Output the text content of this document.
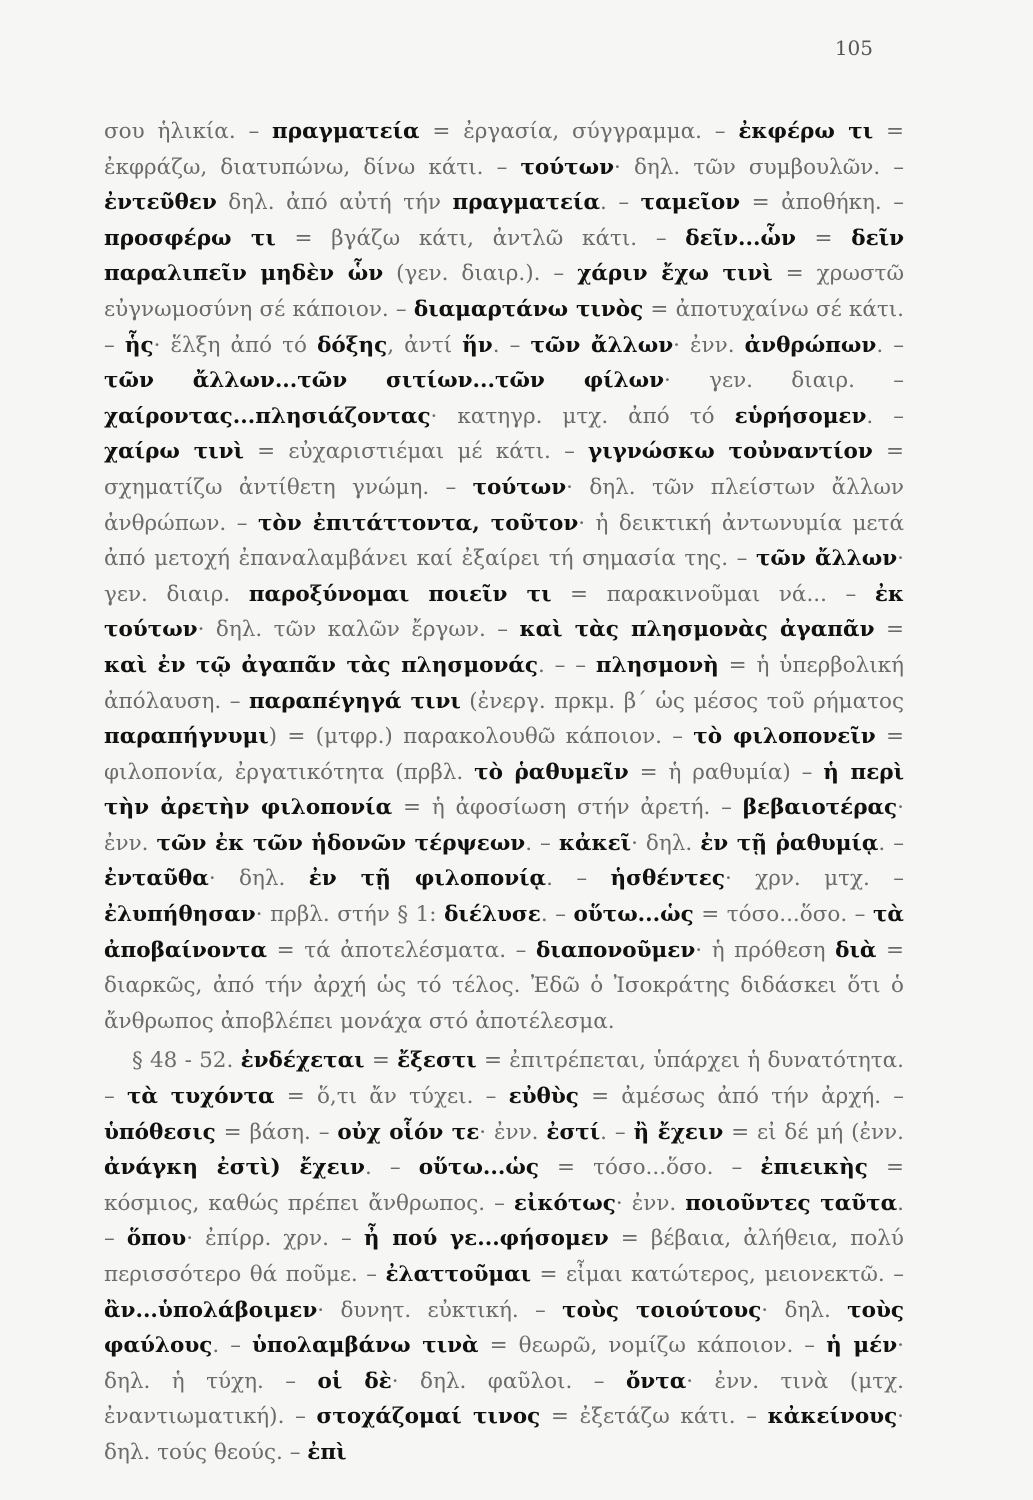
105

σου ἡλικία. – πραγματεία = ἐργασία, σύγγραμμα. – ἐκφέρω τι = ἐκφράζω, διατυπώνω, δίνω κάτι. – τούτων· δηλ. τῶν συμβουλῶν. – ἐντεῦθεν δηλ. ἀπό αὐτή τήν πραγματεία. – ταμεῖον = ἀποθήκη. – προσφέρω τι = βγάζω κάτι, ἀντλῶ κάτι. – δεῖν...ὧν = δεῖν παραλιπεῖν μηδὲν ὧν (γεν. διαιρ.). – χάριν ἔχω τινὶ = χρωστῶ εὐγνωμοσύνη σέ κάποιον. – διαμαρτάνω τινὸς = ἀποτυχαίνω σέ κάτι. – ἧς· ἕλξη ἀπό τό δόξης, ἀντί ἥν. – τῶν ἄλλων· ἐνν. ἀνθρώπων. – τῶν ἄλλων...τῶν σιτίων...τῶν φίλων· γεν. διαιρ. – χαίροντας...πλησιάζοντας· κατηγρ. μτχ. ἀπό τό εὑρήσομεν. – χαίρω τινὶ = εὐχαριστιέμαι μέ κάτι. – γιγνώσκω τοὐναντίον = σχηματίζω ἀντίθετη γνώμη. – τούτων· δηλ. τῶν πλείστων ἄλλων ἀνθρώπων. – τὸν ἐπιτάττοντα, τοῦτον· ἡ δεικτική ἀντωνυμία μετά ἀπό μετοχή ἐπαναλαμβάνει καί ἐξαίρει τή σημασία της. – τῶν ἄλλων· γεν. διαιρ. παροξύνομαι ποιεῖν τι = παρακινοῦμαι νά... – ἐκ τούτων· δηλ. τῶν καλῶν ἔργων. – καὶ τὰς πλησμονὰς ἀγαπᾶν = καὶ ἐν τῷ ἀγαπᾶν τὰς πλησμονάς. – – πλησμονὴ = ἡ ὑπερβολική ἀπόλαυση. – παραπέγηγά τινι (ἐνεργ. πρκμ. β΄ ὡς μέσος τοῦ ρήματος παραπήγνυμι) = (μτφρ.) παρακολουθῶ κάποιον. – τὸ φιλοπονεῖν = φιλοπονία, ἐργατικότητα (πρβλ. τὸ ῥαθυμεῖν = ἡ ραθυμία) – ἡ περὶ τὴν ἀρετὴν φιλοπονία = ἡ ἀφοσίωση στήν ἀρετή. – βεβαιοτέρας· ἐνν. τῶν ἐκ τῶν ἡδονῶν τέρψεων. – κἀκεῖ· δηλ. ἐν τῇ ῥαθυμίᾳ. – ἐνταῦθα· δηλ. ἐν τῇ φιλοπονίᾳ. – ἡσθέντες· χρν. μτχ. – ἐλυπήθησαν· πρβλ. στήν § 1: διέλυσε. – οὕτω...ὡς = τόσο...ὅσο. – τὰ ἀποβαίνοντα = τά ἀποτελέσματα. – διαπονοῦμεν· ἡ πρόθεση διὰ = διαρκῶς, ἀπό τήν ἀρχή ὡς τό τέλος. Ἐδῶ ὁ Ἰσοκράτης διδάσκει ὅτι ὁ ἄνθρωπος ἀποβλέπει μονάχα στό ἀποτέλεσμα.

§ 48 - 52. ἐνδέχεται = ἔξεστι = ἐπιτρέπεται, ὑπάρχει ἡ δυνατότητα. – τὰ τυχόντα = ὅ,τι ἄν τύχει. – εὐθὺς = ἀμέσως ἀπό τήν ἀρχή. – ὑπόθεσις = βάση. – οὐχ οἷόν τε· ἐνν. ἐστί. – ἢ ἔχειν = εἰ δέ μή (ἐνν. ἀνάγκη ἐστὶ) ἔχειν. – οὕτω...ὡς = τόσο...ὅσο. – ἐπιεικὴς = κόσμιος, καθώς πρέπει ἄνθρωπος. – εἰκότως· ἐνν. ποιοῦντες ταῦτα. – ὅπου· ἐπίρρ. χρν. – ἦ πού γε...φήσομεν = βέβαια, ἀλήθεια, πολύ περισσότερο θά ποῦμε. – ἐλαττοῦμαι = εἶμαι κατώτερος, μειονεκτῶ. – ἂν...ὑπολάβοιμεν· δυνητ. εὐκτική. – τοὺς τοιούτους· δηλ. τοὺς φαύλους. – ὑπολαμβάνω τινὰ = θεωρῶ, νομίζω κάποιον. – ἡ μέν· δηλ. ἡ τύχη. – οἱ δὲ· δηλ. φαῦλοι. – ὄντα· ἐνν. τινὰ (μτχ. ἐναντιωματική). – στοχάζομαί τινος = ἐξετάζω κάτι. – κἀκείνους· δηλ. τούς θεούς. – ἐπὶ
